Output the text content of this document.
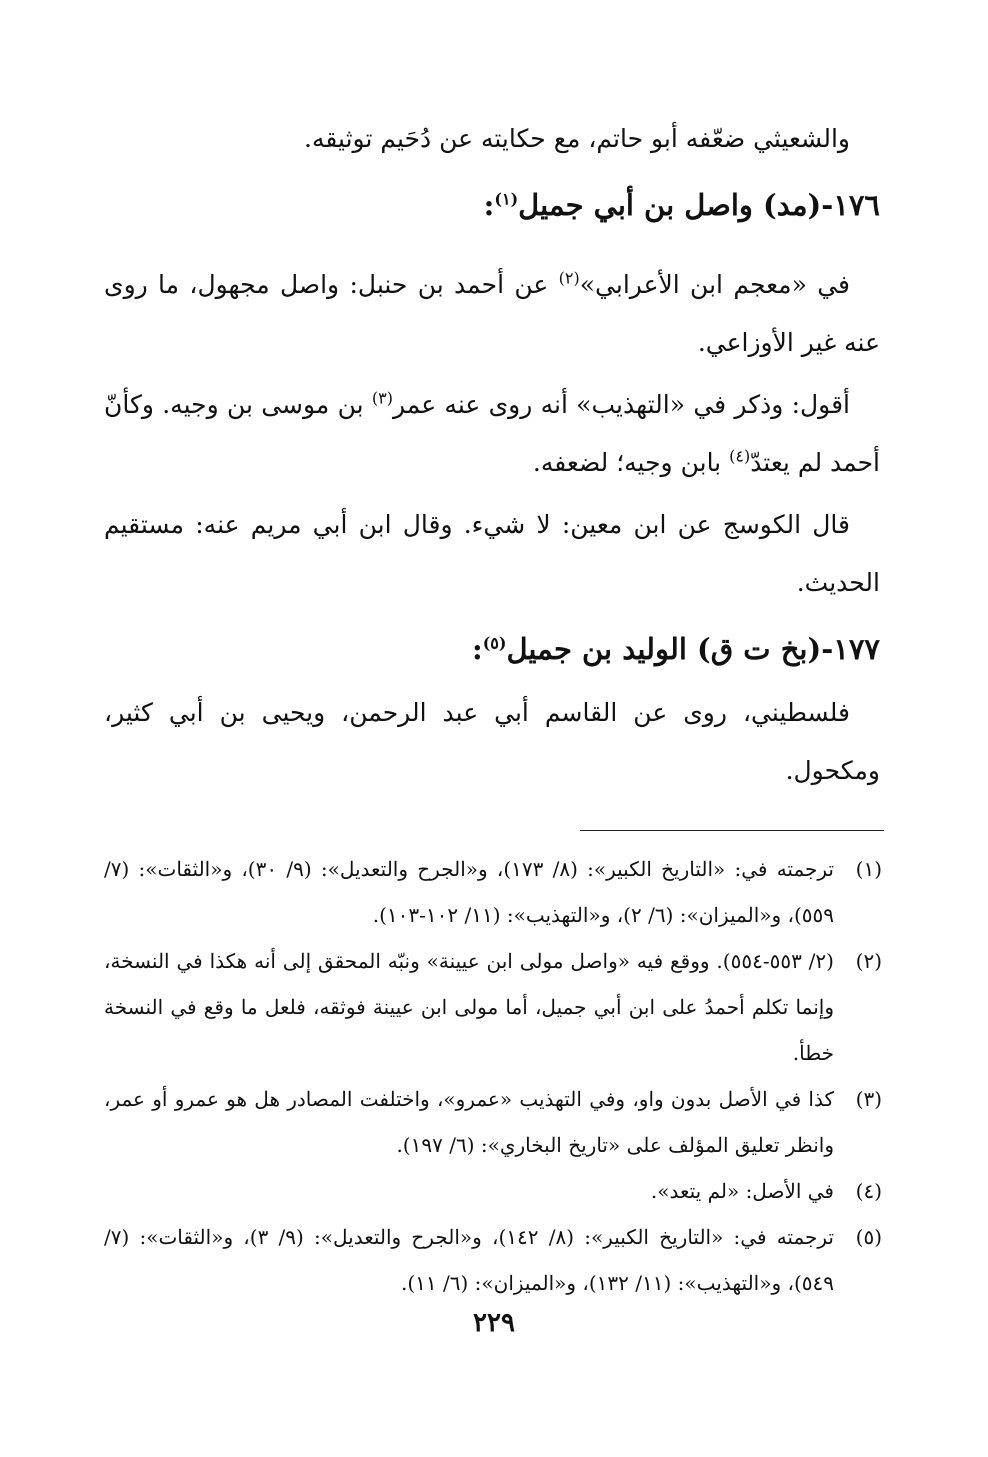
والشعيثي ضعّفه أبو حاتم، مع حكايته عن دُحَيم توثيقه.

١٧٦-(مد) واصل بن أبي جميل$^{(١)}$:

في «معجم ابن الأعرابي»$^{(٢)}$ عن أحمد بن حنبل: واصل مجهول، ما روى عنه غير الأوزاعي.

أقول: وذكر في «التهذيب» أنه روى عنه عمر$^{(٣)}$ بن موسى بن وجيه. وكأنّ أحمد لم يعتدّ$^{(٤)}$ بابن وجيه؛ لضعفه.

قال الكوسج عن ابن معين: لا شيء. وقال ابن أبي مريم عنه: مستقيم الحديث.

١٧٧-(بخ ت ق) الوليد بن جميل$^{(٥)}$:

فلسطيني، روى عن القاسم أبي عبد الرحمن، ويحيى بن أبي كثير، ومكحول.

(١)
ترجمته في: «التاريخ الكبير»: (٨/ ١٧٣)، و«الجرح والتعديل»: (٩/ ٣٠)، و«الثقات»: (٧/ ٥٥٩)، و«الميزان»: (٦/ ٢)، و«التهذيب»: (١١/ ١٠٢-١٠٣).

(٢)
(٢/ ٥٥٣-٥٥٤). ووقع فيه «واصل مولى ابن عيينة» ونبّه المحقق إلى أنه هكذا في النسخة، وإنما تكلم أحمدُ على ابن أبي جميل، أما مولى ابن عيينة فوثقه، فلعل ما وقع في النسخة خطأ.

(٣)
كذا في الأصل بدون واو، وفي التهذيب «عمرو»، واختلفت المصادر هل هو عمرو أو عمر، وانظر تعليق المؤلف على «تاريخ البخاري»: (٦/ ١٩٧).

(٤)
في الأصل: «لم يتعد».

(٥)
ترجمته في: «التاريخ الكبير»: (٨/ ١٤٢)، و«الجرح والتعديل»: (٩/ ٣)، و«الثقات»: (٧/ ٥٤٩)، و«التهذيب»: (١١/ ١٣٢)، و«الميزان»: (٦/ ١١).

٢٢٩
